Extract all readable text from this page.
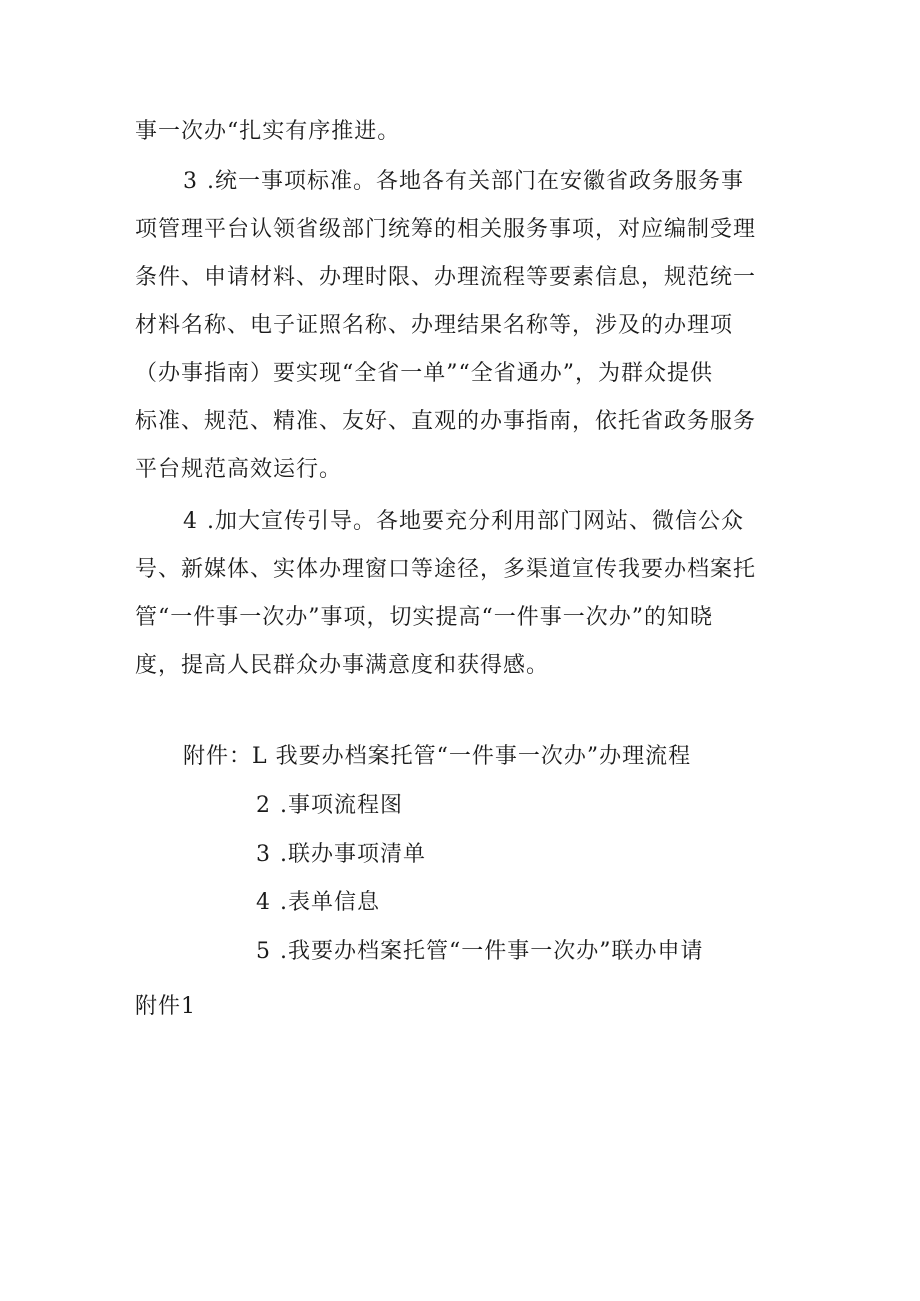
事一次办“扎实有序推进。
3 .统一事项标准。各地各有关部门在安徽省政务服务事
项管理平台认领省级部门统筹的相关服务事项，对应编制受理
条件、申请材料、办理时限、办理流程等要素信息，规范统一
材料名称、电子证照名称、办理结果名称等，涉及的办理项
（办事指南）要实现“全省一单”“全省通办”，为群众提供
标准、规范、精准、友好、直观的办事指南，依托省政务服务
平台规范高效运行。
4 .加大宣传引导。各地要充分利用部门网站、微信公众
号、新媒体、实体办理窗口等途径，多渠道宣传我要办档案托
管“一件事一次办”事项，切实提高“一件事一次办”的知晓
度，提高人民群众办事满意度和获得感。
附件：L 我要办档案托管“一件事一次办”办理流程
2 .事项流程图
3 .联办事项清单
4 .表单信息
5 .我要办档案托管“一件事一次办”联办申请
附件1
